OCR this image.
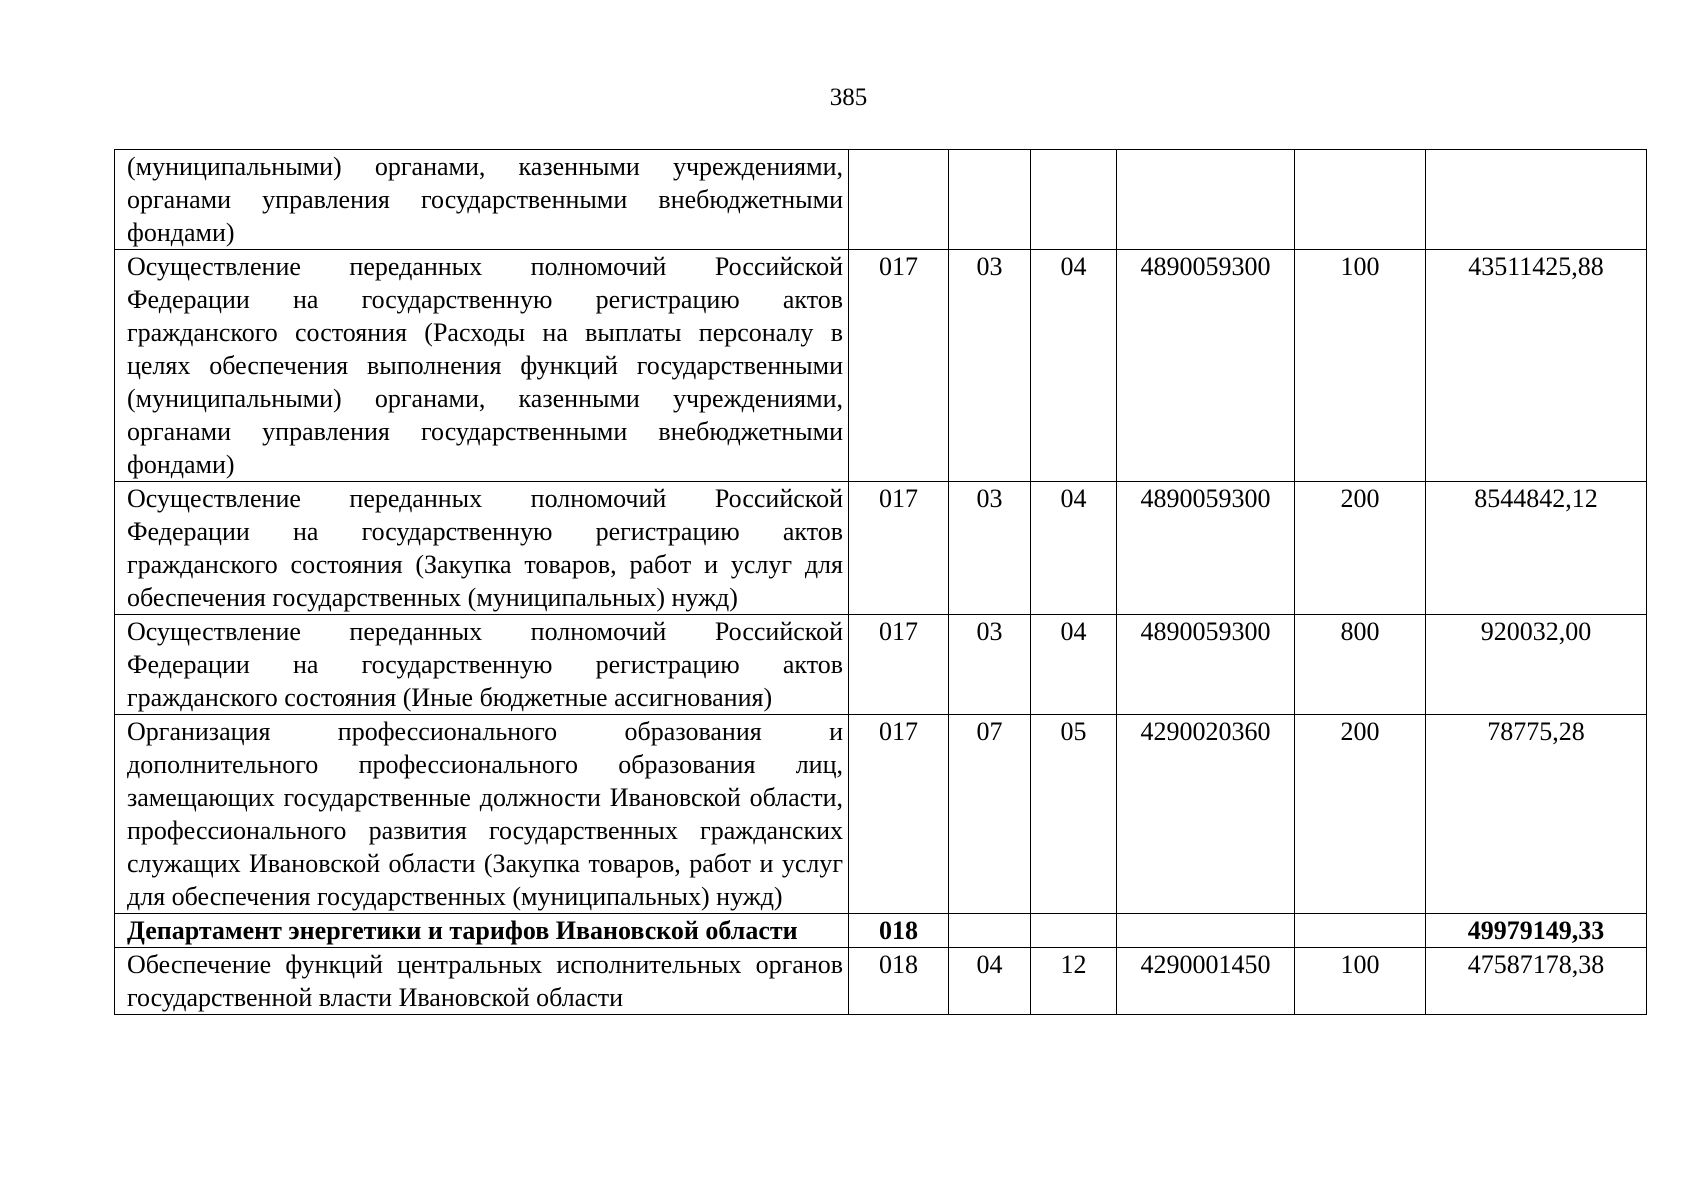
385
(муниципальными) органами, казенными учреждениями, органами управления государственными внебюджетными фондами)						
Осуществление переданных полномочий Российской Федерации на государственную регистрацию актов гражданского состояния (Расходы на выплаты персоналу в целях обеспечения выполнения функций государственными (муниципальными) органами, казенными учреждениями, органами управления государственными внебюджетными фондами)	017	03	04	4890059300	100	43511425,88
Осуществление переданных полномочий Российской Федерации на государственную регистрацию актов гражданского состояния (Закупка товаров, работ и услуг для обеспечения государственных (муниципальных) нужд)	017	03	04	4890059300	200	8544842,12
Осуществление переданных полномочий Российской Федерации на государственную регистрацию актов гражданского состояния (Иные бюджетные ассигнования)	017	03	04	4890059300	800	920032,00
Организация профессионального образования и дополнительного профессионального образования лиц, замещающих государственные должности Ивановской области, профессионального развития государственных гражданских служащих Ивановской области (Закупка товаров, работ и услуг для обеспечения государственных (муниципальных) нужд)	017	07	05	4290020360	200	78775,28
Департамент энергетики и тарифов Ивановской области	018					49979149,33
Обеспечение функций центральных исполнительных органов государственной власти Ивановской области	018	04	12	4290001450	100	47587178,38
